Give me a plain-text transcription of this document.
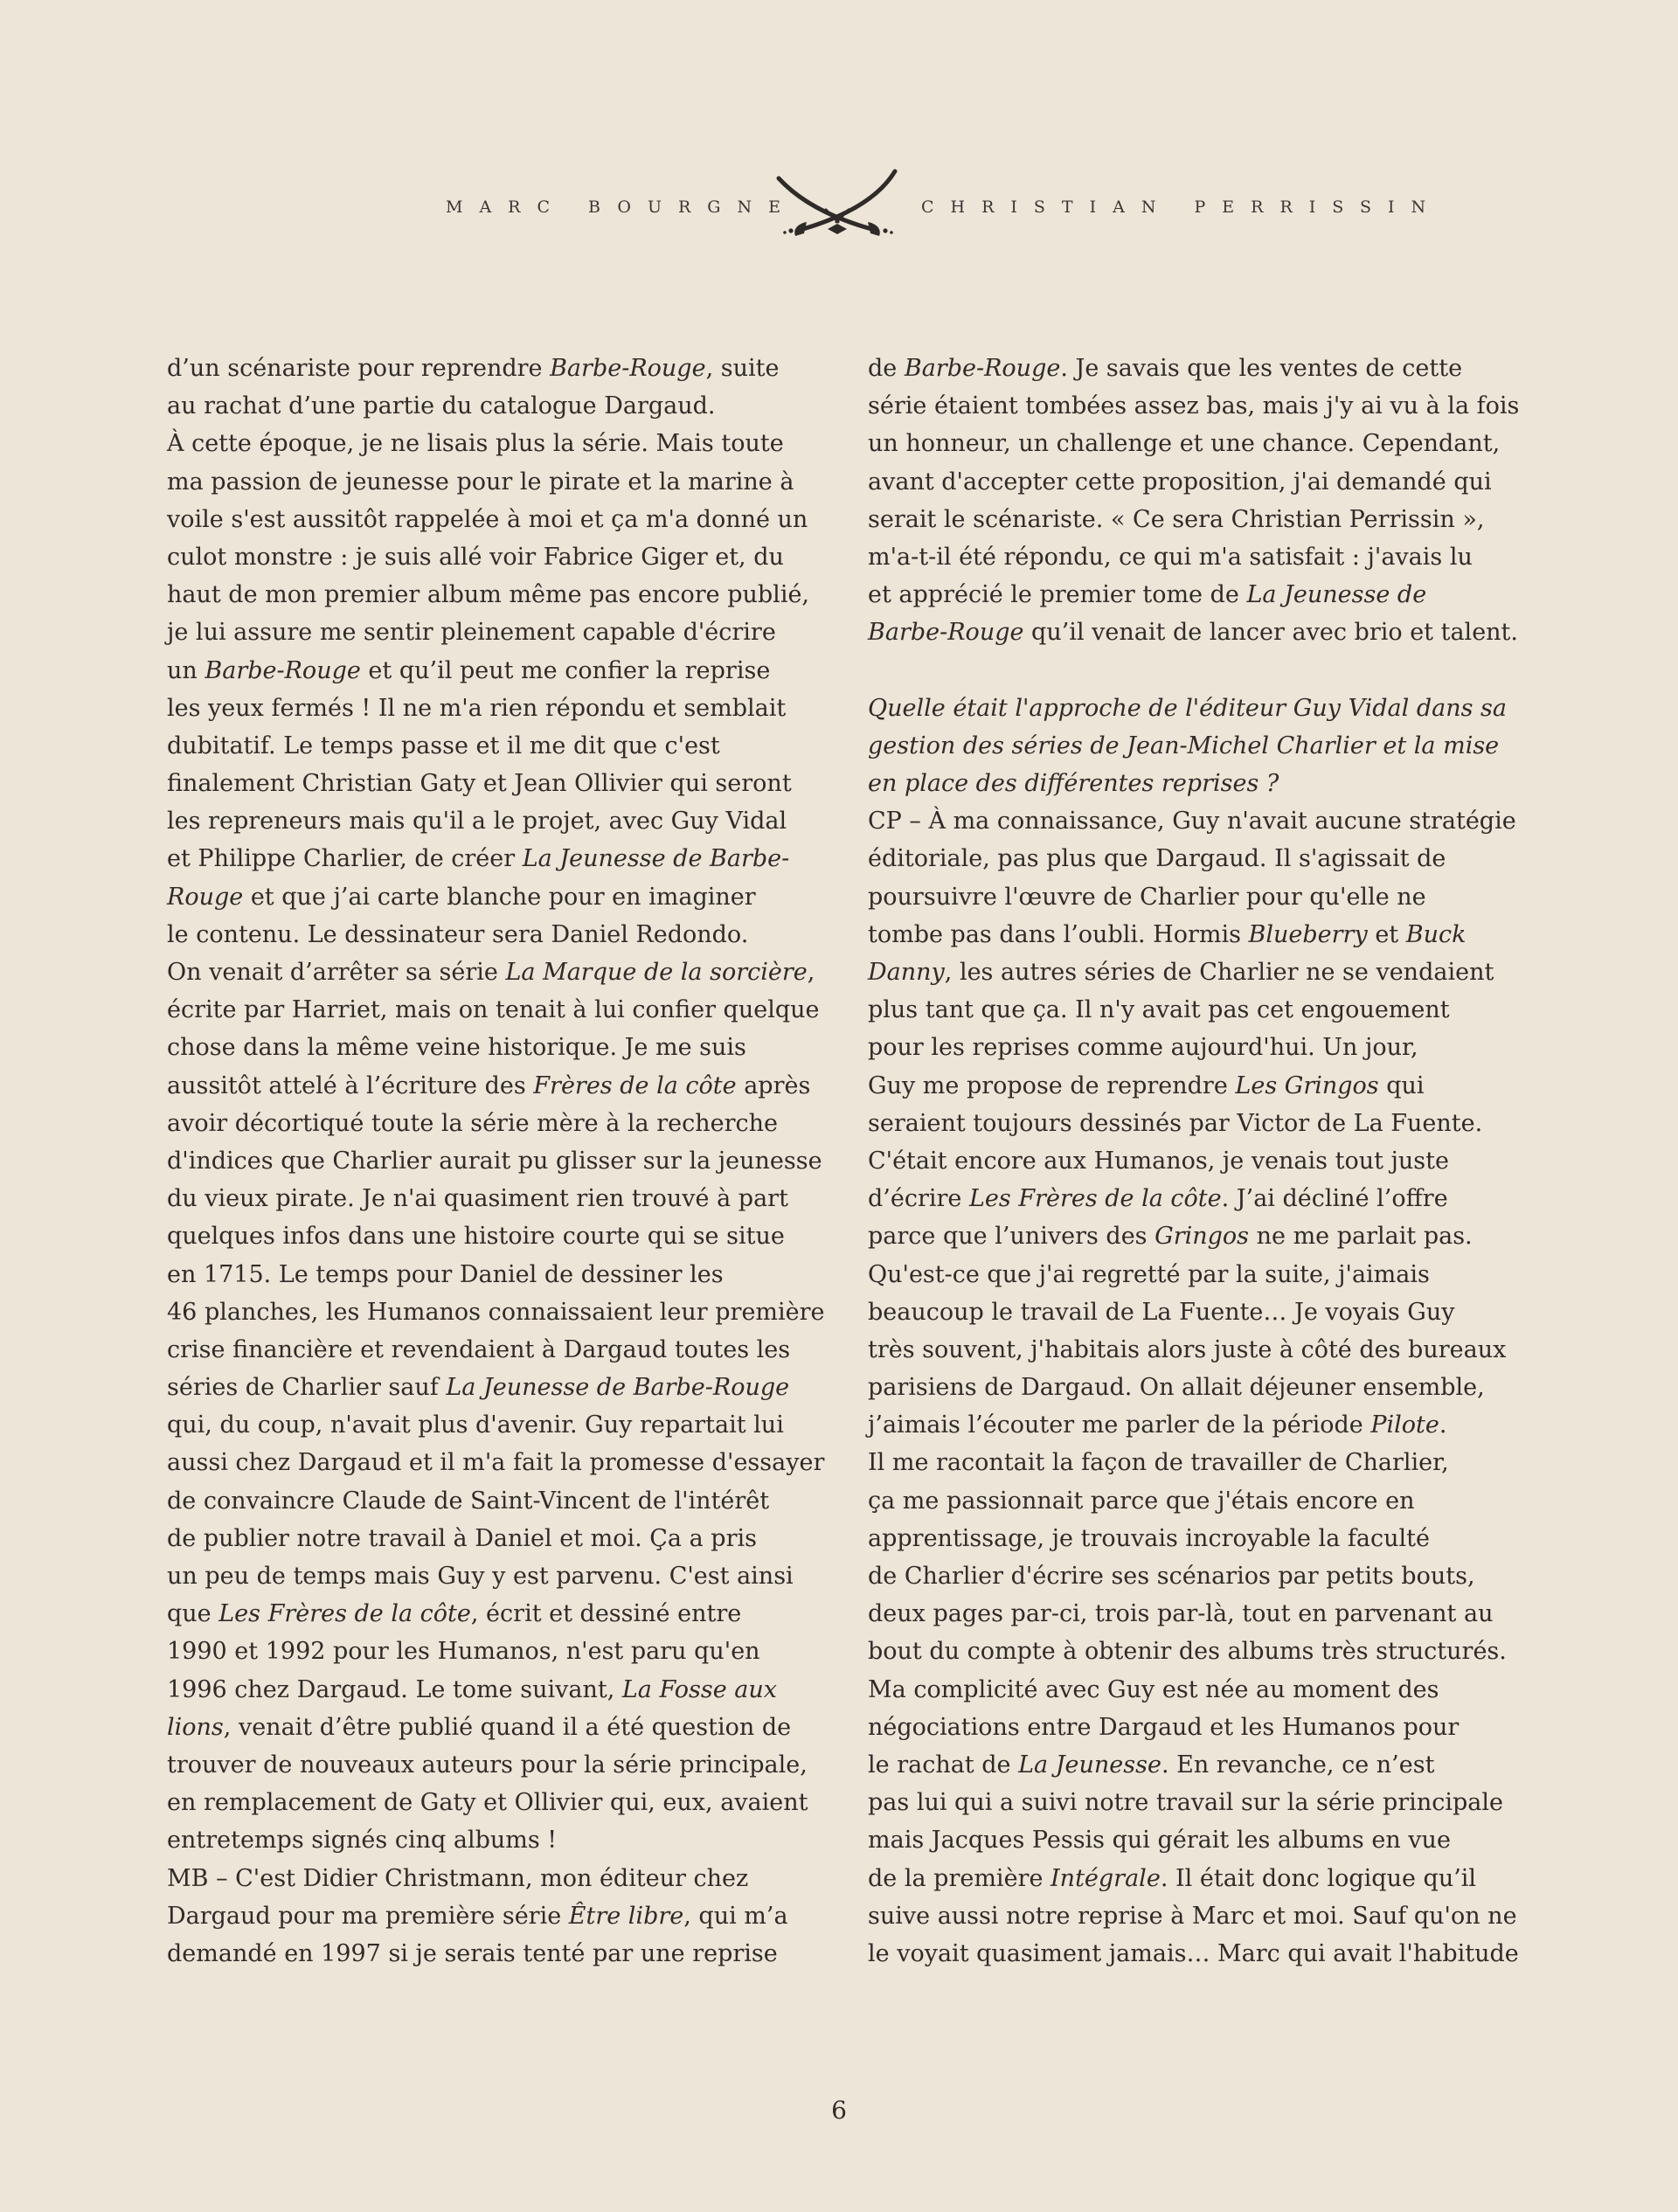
MARC BOURGNE	CHRISTIAN PERRISSIN
d’un scénariste pour reprendre Barbe-Rouge, suite
au rachat d’une partie du catalogue Dargaud.
À cette époque, je ne lisais plus la série. Mais toute
ma passion de jeunesse pour le pirate et la marine à
voile s'est aussitôt rappelée à moi et ça m'a donné un
culot monstre : je suis allé voir Fabrice Giger et, du
haut de mon premier album même pas encore publié,
je lui assure me sentir pleinement capable d'écrire
un Barbe-Rouge et qu’il peut me confier la reprise
les yeux fermés ! Il ne m'a rien répondu et semblait
dubitatif. Le temps passe et il me dit que c'est
finalement Christian Gaty et Jean Ollivier qui seront
les repreneurs mais qu'il a le projet, avec Guy Vidal
et Philippe Charlier, de créer La Jeunesse de Barbe-
Rouge et que j’ai carte blanche pour en imaginer
le contenu. Le dessinateur sera Daniel Redondo.
On venait d’arrêter sa série La Marque de la sorcière,
écrite par Harriet, mais on tenait à lui confier quelque
chose dans la même veine historique. Je me suis
aussitôt attelé à l’écriture des Frères de la côte après
avoir décortiqué toute la série mère à la recherche
d'indices que Charlier aurait pu glisser sur la jeunesse
du vieux pirate. Je n'ai quasiment rien trouvé à part
quelques infos dans une histoire courte qui se situe
en 1715. Le temps pour Daniel de dessiner les
46 planches, les Humanos connaissaient leur première
crise financière et revendaient à Dargaud toutes les
séries de Charlier sauf La Jeunesse de Barbe-Rouge
qui, du coup, n'avait plus d'avenir. Guy repartait lui
aussi chez Dargaud et il m'a fait la promesse d'essayer
de convaincre Claude de Saint-Vincent de l'intérêt
de publier notre travail à Daniel et moi. Ça a pris
un peu de temps mais Guy y est parvenu. C'est ainsi
que Les Frères de la côte, écrit et dessiné entre
1990 et 1992 pour les Humanos, n'est paru qu'en
1996 chez Dargaud. Le tome suivant, La Fosse aux
lions, venait d’être publié quand il a été question de
trouver de nouveaux auteurs pour la série principale,
en remplacement de Gaty et Ollivier qui, eux, avaient
entretemps signés cinq albums !
MB – C'est Didier Christmann, mon éditeur chez
Dargaud pour ma première série Être libre, qui m’a
demandé en 1997 si je serais tenté par une reprise
de Barbe-Rouge. Je savais que les ventes de cette
série étaient tombées assez bas, mais j'y ai vu à la fois
un honneur, un challenge et une chance. Cependant,
avant d'accepter cette proposition, j'ai demandé qui
serait le scénariste. « Ce sera Christian Perrissin »,
m'a-t-il été répondu, ce qui m'a satisfait : j'avais lu
et apprécié le premier tome de La Jeunesse de
Barbe-Rouge qu’il venait de lancer avec brio et talent.
Quelle était l'approche de l'éditeur Guy Vidal dans sa
gestion des séries de Jean-Michel Charlier et la mise
en place des différentes reprises ?
CP – À ma connaissance, Guy n'avait aucune stratégie
éditoriale, pas plus que Dargaud. Il s'agissait de
poursuivre l'œuvre de Charlier pour qu'elle ne
tombe pas dans l’oubli. Hormis Blueberry et Buck
Danny, les autres séries de Charlier ne se vendaient
plus tant que ça. Il n'y avait pas cet engouement
pour les reprises comme aujourd'hui. Un jour,
Guy me propose de reprendre Les Gringos qui
seraient toujours dessinés par Victor de La Fuente.
C'était encore aux Humanos, je venais tout juste
d’écrire Les Frères de la côte. J’ai décliné l’offre
parce que l’univers des Gringos ne me parlait pas.
Qu'est-ce que j'ai regretté par la suite, j'aimais
beaucoup le travail de La Fuente… Je voyais Guy
très souvent, j'habitais alors juste à côté des bureaux
parisiens de Dargaud. On allait déjeuner ensemble,
j’aimais l’écouter me parler de la période Pilote.
Il me racontait la façon de travailler de Charlier,
ça me passionnait parce que j'étais encore en
apprentissage, je trouvais incroyable la faculté
de Charlier d'écrire ses scénarios par petits bouts,
deux pages par-ci, trois par-là, tout en parvenant au
bout du compte à obtenir des albums très structurés.
Ma complicité avec Guy est née au moment des
négociations entre Dargaud et les Humanos pour
le rachat de La Jeunesse. En revanche, ce n’est
pas lui qui a suivi notre travail sur la série principale
mais Jacques Pessis qui gérait les albums en vue
de la première Intégrale. Il était donc logique qu’il
suive aussi notre reprise à Marc et moi. Sauf qu'on ne
le voyait quasiment jamais… Marc qui avait l'habitude
6
